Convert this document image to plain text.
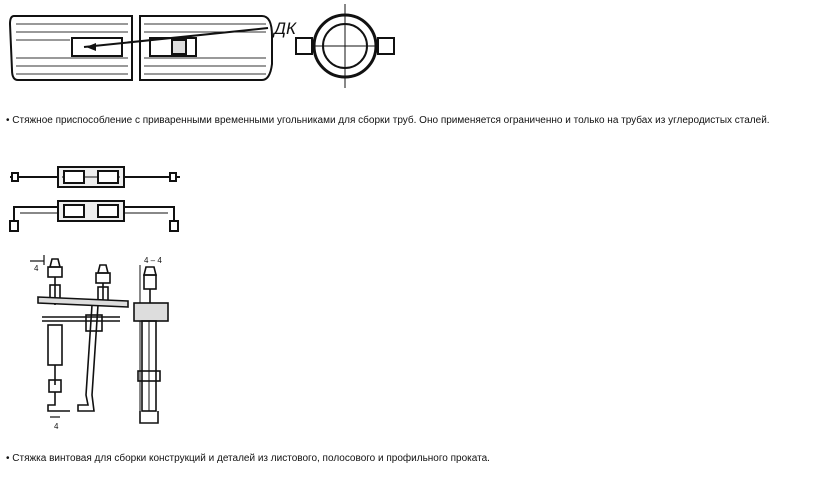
ДК
• Стяжное приспособление с приваренными временными угольниками для сборки труб. Оно применяется ограниченно и только на трубах из углеродистых сталей.
4
4
4 – 4
• Стяжка винтовая для сборки конструкций и деталей из листового, полосового и профильного проката.
